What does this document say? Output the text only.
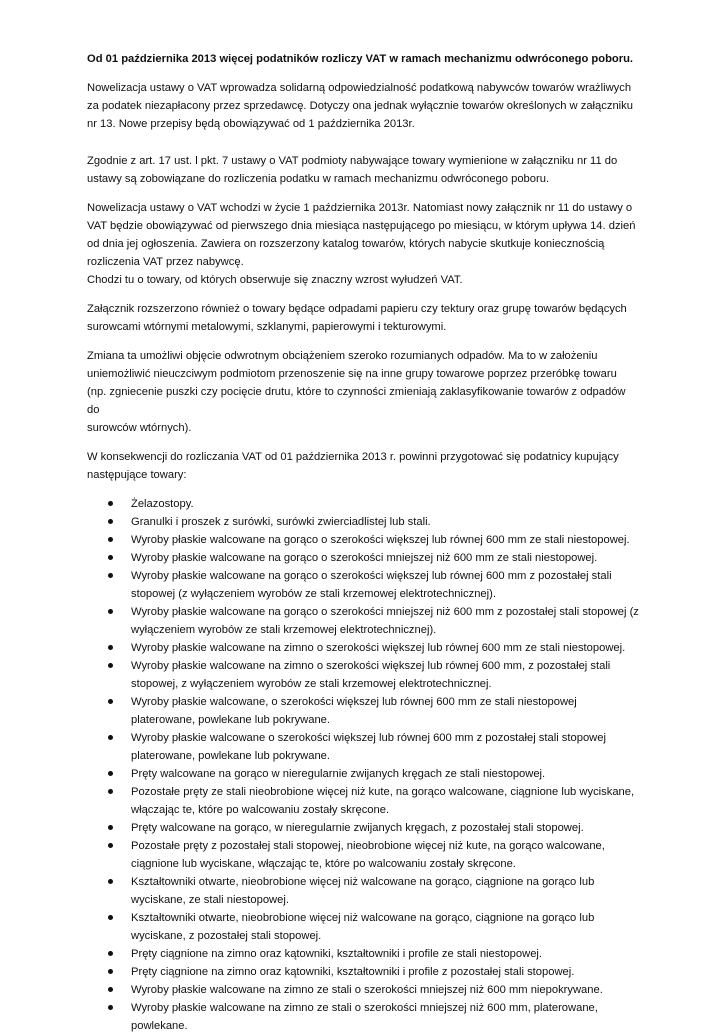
Od 01 października 2013 więcej podatników rozliczy VAT w ramach mechanizmu odwróconego poboru.
Nowelizacja ustawy o VAT wprowadza solidarną odpowiedzialność podatkową nabywców towarów wrażliwych
za podatek niezapłacony przez sprzedawcę. Dotyczy ona jednak wyłącznie towarów określonych w załączniku
nr 13. Nowe przepisy będą obowiązywać od 1 października 2013r.
Zgodnie z art. 17 ust. l pkt. 7 ustawy o VAT podmioty nabywające towary wymienione w załączniku nr 11 do
ustawy są zobowiązane do rozliczenia podatku w ramach mechanizmu odwróconego poboru.
Nowelizacja ustawy o VAT wchodzi w życie 1 października 2013r. Natomiast nowy załącznik nr 11 do ustawy o
VAT będzie obowiązywać od pierwszego dnia miesiąca następującego po miesiącu, w którym upływa 14. dzień
od dnia jej ogłoszenia. Zawiera on rozszerzony katalog towarów, których nabycie skutkuje koniecznością
rozliczenia VAT przez nabywcę.
Chodzi tu o towary, od których obserwuje się znaczny wzrost wyłudzeń VAT.
Załącznik rozszerzono również o towary będące odpadami papieru czy tektury oraz grupę towarów będących
surowcami wtórnymi metalowymi, szklanymi, papierowymi i tekturowymi.
Zmiana ta umożliwi objęcie odwrotnym obciążeniem szeroko rozumianych odpadów. Ma to w założeniu
uniemożliwić nieuczciwym podmiotom przenoszenie się na inne grupy towarowe poprzez przeróbkę towaru
(np. zgniecenie puszki czy pocięcie drutu, które to czynności zmieniają zaklasyfikowanie towarów z odpadów do
surowców wtórnych).
W konsekwencji do rozliczania VAT od 01 października 2013 r. powinni przygotować się podatnicy kupujący
następujące towary:
Żelazostopy.
Granulki i proszek z surówki, surówki zwierciadlistej lub stali.
Wyroby płaskie walcowane na gorąco o szerokości większej lub równej 600 mm ze stali niestopowej.
Wyroby płaskie walcowane na gorąco o szerokości mniejszej niż 600 mm ze stali niestopowej.
Wyroby płaskie walcowane na gorąco o szerokości większej lub równej 600 mm z pozostałej stali
stopowej (z wyłączeniem wyrobów ze stali krzemowej elektrotechnicznej).
Wyroby płaskie walcowane na gorąco o szerokości mniejszej niż 600 mm z pozostałej stali stopowej (z
wyłączeniem wyrobów ze stali krzemowej elektrotechnicznej).
Wyroby płaskie walcowane na zimno o szerokości większej lub równej 600 mm ze stali niestopowej.
Wyroby płaskie walcowane na zimno o szerokości większej lub równej 600 mm, z pozostałej stali
stopowej, z wyłączeniem wyrobów ze stali krzemowej elektrotechnicznej.
Wyroby płaskie walcowane, o szerokości większej lub równej 600 mm ze stali niestopowej
platerowane, powlekane lub pokrywane.
Wyroby płaskie walcowane o szerokości większej lub równej 600 mm z pozostałej stali stopowej
platerowane, powlekane lub pokrywane.
Pręty walcowane na gorąco w nieregularnie zwijanych kręgach ze stali niestopowej.
Pozostałe pręty ze stali nieobrobione więcej niż kute, na gorąco walcowane, ciągnione lub wyciskane,
włączając te, które po walcowaniu zostały skręcone.
Pręty walcowane na gorąco, w nieregularnie zwijanych kręgach, z pozostałej stali stopowej.
Pozostałe pręty z pozostałej stali stopowej, nieobrobione więcej niż kute, na gorąco walcowane,
ciągnione lub wyciskane, włączając te, które po walcowaniu zostały skręcone.
Kształtowniki otwarte, nieobrobione więcej niż walcowane na gorąco, ciągnione na gorąco lub
wyciskane, ze stali niestopowej.
Kształtowniki otwarte, nieobrobione więcej niż walcowane na gorąco, ciągnione na gorąco lub
wyciskane, z pozostałej stali stopowej.
Pręty ciągnione na zimno oraz kątowniki, kształtowniki i profile ze stali niestopowej.
Pręty ciągnione na zimno oraz kątowniki, kształtowniki i profile z pozostałej stali stopowej.
Wyroby płaskie walcowane na zimno ze stali o szerokości mniejszej niż 600 mm niepokrywane.
Wyroby płaskie walcowane na zimno ze stali o szerokości mniejszej niż 600 mm, platerowane,
powlekane.
